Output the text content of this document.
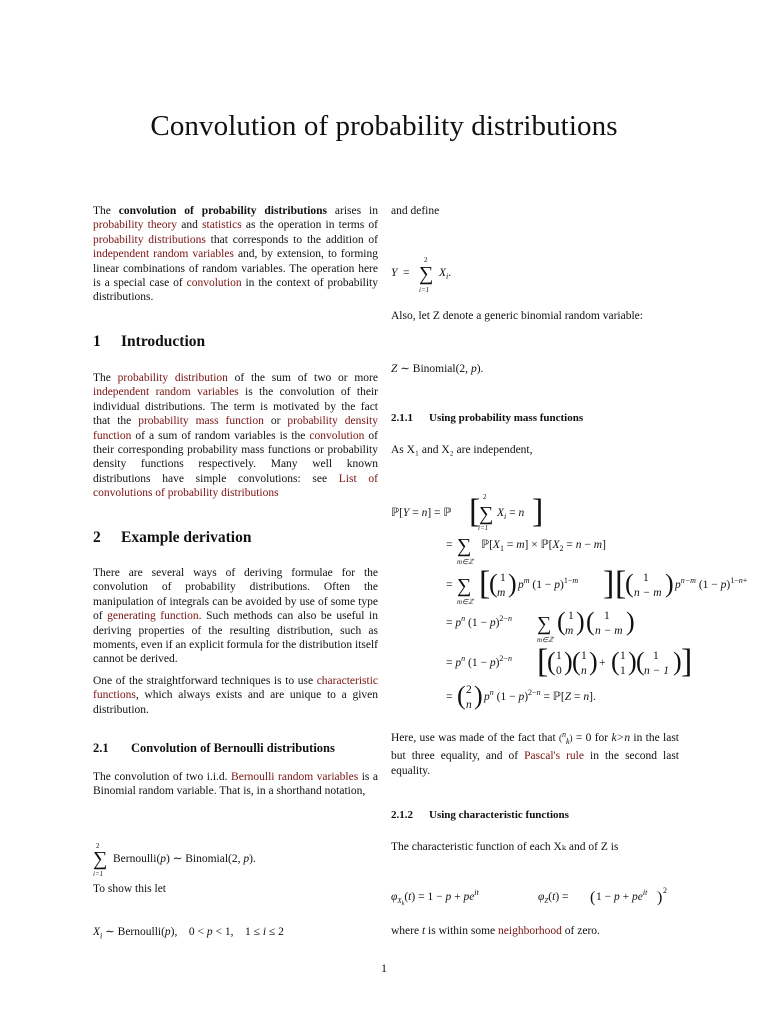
Convolution of probability distributions

The convolution of probability distributions arises in probability theory and statistics as the operation in terms of probability distributions that corresponds to the addition of independent random variables and, by extension, to forming linear combinations of random variables. The operation here is a special case of convolution in the context of probability distributions.

1 Introduction

The probability distribution of the sum of two or more independent random variables is the convolution of their individual distributions. The term is motivated by the fact that the probability mass function or probability density function of a sum of random variables is the convolution of their corresponding probability mass functions or probability density functions respectively. Many well known distributions have simple convolutions: see List of convolutions of probability distributions

2 Example derivation

There are several ways of deriving formulae for the convolution of probability distributions. Often the manipulation of integrals can be avoided by use of some type of generating function. Such methods can also be useful in deriving properties of the resulting distribution, such as moments, even if an explicit formula for the distribution itself cannot be derived.

One of the straightforward techniques is to use characteristic functions, which always exists and are unique to a given distribution.

2.1 Convolution of Bernoulli distributions

The convolution of two i.i.d. Bernoulli random variables is a Binomial random variable. That is, in a shorthand notation,

2
∑
i=1
Bernoulli(p) ∼ Binomial(2, p).

To show this let

$X_i$ ∼ Bernoulli(p),    0 < p < 1,    1 ≤ i ≤ 2

and define

Y =
2
∑
i=1
$X_i$.

Also, let Z denote a generic binomial random variable:

Z ∼ Binomial(2, p).
2.1.1 Using probability mass functions

As X₁ and X₂ are independent,

ℙ[Y = n] = ℙ [ 2
∑
i=1
$X_i = n$ ]
= ∑
m∈ℤ
$ℙ[X_1 = m]$ × $ℙ[X_2 = n - m]$
= ∑
m∈ℤ [
( 1
m ) $p^m$ $(1 - p)^{1-}m$ ] [
( 1
n − m ) $p^{n-m}$ $(1 - p)^{1-}n+$
= $p^n$ $(1 - p)^{2-}n$ ∑
m∈ℤ
( 1
m ) ( 1
n − m )
= $p^n$ $(1 - p)^{2-}n$ [
( 1
0 ) ( 1
n ) + ( 1
1 ) ( 1
n − 1 ) ]
= ( 2
n ) $p^n$ $(1 - p)^{2-}n$ = ℙ[Z = n].

Here, use was made of the fact that ($^n_k$) = 0 for k>n in the last but three equality, and of Pascal's rule in the second last equality.

2.1.2 Using characteristic functions

The characteristic function of each Xₖ and of Z is

$\varphi_Xk(t) = 1 - p + pe^{it}$	$\varphi_Z(t)$ = ( $1 - p + pe^{it}$ ) 2

where t is within some neighborhood of zero.

1
